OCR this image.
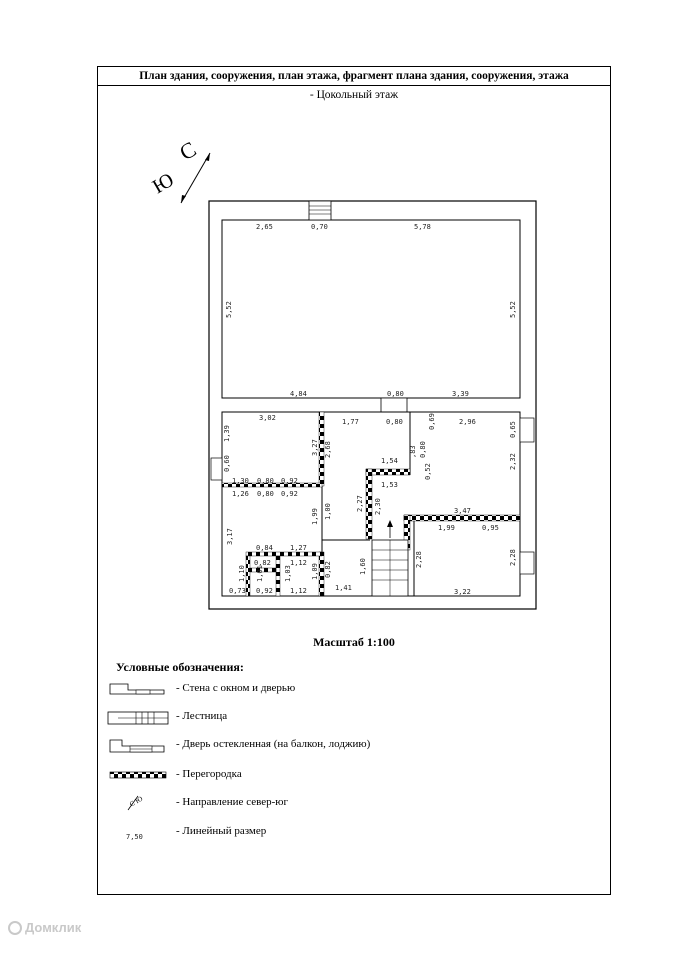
План здания, сооружения, план этажа, фрагмент плана здания, сооружения, этажа
- Цокольный этаж
С
Ю
2,65	0,70	5,78
5,52	5,52
4,84	0,80	3,39
3,02
1,39
0,60
1,30 0,80 0,92
1,26 0,80 0,92
3,27 2,68
1,77	0,80	2,96	0,65
,83 0,80
0,69
1,54
1,53
0,52
2,32
2,27 2,30	3,47
1,99	0,95
3,17
1,99 1,00
0,84 1,27
0,82	1,12
1,10 1,01	1,03	1,09 0,82
2,28	2,28
1,60
0,73 0,92 1,12	1,41	3,22
Масштаб 1:100
Условные обозначения:
- Стена с окном и дверью
- Лестница
- Дверь остекленная (на балкон, лоджию)
- Перегородка
С Ю	- Направление север-юг
7,50	- Линейный размер
Домклик
